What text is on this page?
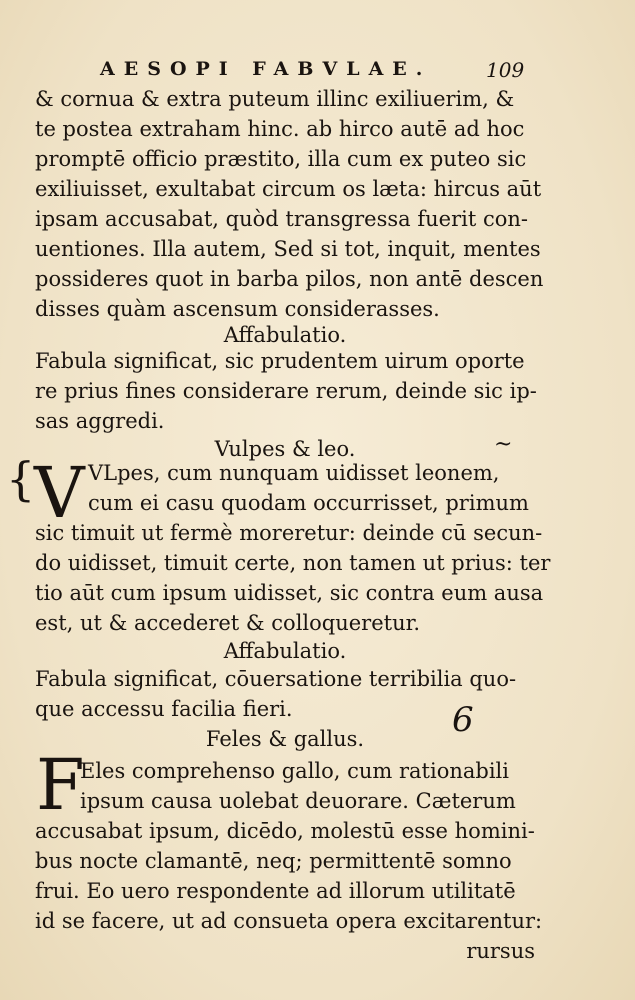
AESOPI FABVLAE.	109
& cornua & extra puteum illinc exiliuerim, &
te postea extraham hinc. ab hirco autē ad hoc
promptē officio præstito, illa cum ex puteo sic
exiliuisset, exultabat circum os læta: hircus aūt
ipsam accusabat, quòd transgressa fuerit con-
uentiones. Illa autem, Sed si tot, inquit, mentes
possideres quot in barba pilos, non antē descen
disses quàm ascensum considerasses.
Affabulatio.
Fabula significat, sic prudentem uirum oporte
re prius fines considerare rerum, deinde sic ip-
sas aggredi.
Vulpes & leo.
{
~
V VLpes, cum nunquam uidisset leonem,
cum ei casu quodam occurrisset, primum
sic timuit ut fermè moreretur: deinde cū secun-
do uidisset, timuit certe, non tamen ut prius: ter
tio aūt cum ipsum uidisset, sic contra eum ausa
est, ut & accederet & colloqueretur.
Affabulatio.
Fabula significat, cōuersatione terribilia quo-
que accessu facilia fieri.	6
Feles & gallus.
F
Eles comprehenso gallo, cum rationabili
ipsum causa uolebat deuorare. Cæterum
accusabat ipsum, dicēdo, molestū esse homini-
bus nocte clamantē, neq; permittentē somno
frui. Eo uero respondente ad illorum utilitatē
id se facere, ut ad consueta opera excitarentur:
rursus
